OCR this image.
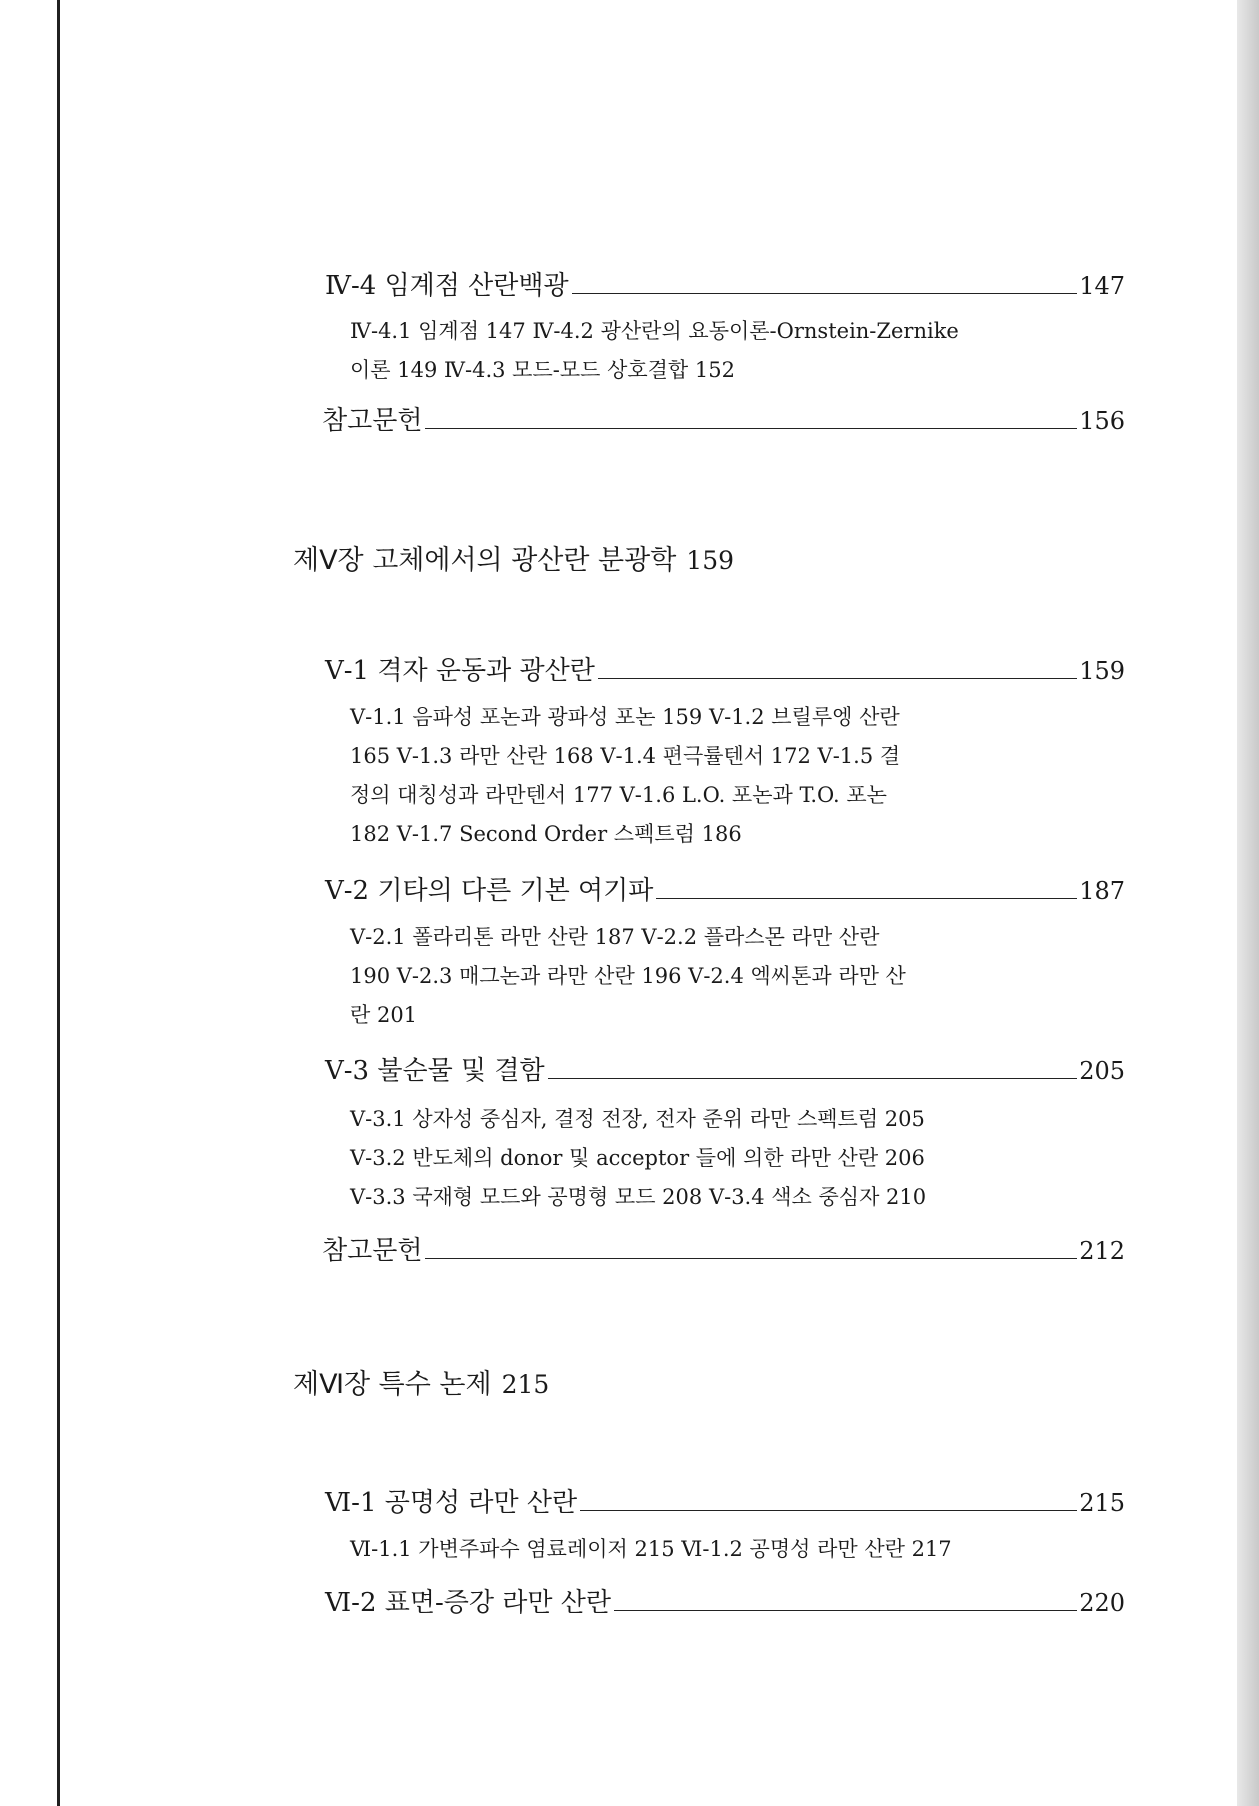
Ⅳ-4 임계점 산란백광	147
Ⅳ-4.1 임계점 147 Ⅳ-4.2 광산란의 요동이론-Ornstein-Zernike
이론 149 Ⅳ-4.3 모드-모드 상호결합 152
참고문헌	156
제Ⅴ장 고체에서의 광산란 분광학 159
Ⅴ-1 격자 운동과 광산란	159
Ⅴ-1.1 음파성 포논과 광파성 포논 159 Ⅴ-1.2 브릴루엥 산란
165 Ⅴ-1.3 라만 산란 168 Ⅴ-1.4 편극률텐서 172 Ⅴ-1.5 결
정의 대칭성과 라만텐서 177 Ⅴ-1.6 L.O. 포논과 T.O. 포논
182 Ⅴ-1.7 Second Order 스펙트럼 186
Ⅴ-2 기타의 다른 기본 여기파	187
Ⅴ-2.1 폴라리톤 라만 산란 187 Ⅴ-2.2 플라스몬 라만 산란
190 Ⅴ-2.3 매그논과 라만 산란 196 Ⅴ-2.4 엑씨톤과 라만 산
란 201
Ⅴ-3 불순물 및 결함	205
Ⅴ-3.1 상자성 중심자, 결정 전장, 전자 준위 라만 스펙트럼 205
Ⅴ-3.2 반도체의 donor 및 acceptor 들에 의한 라만 산란 206
Ⅴ-3.3 국재형 모드와 공명형 모드 208 Ⅴ-3.4 색소 중심자 210
참고문헌	212
제Ⅵ장 특수 논제 215
Ⅵ-1 공명성 라만 산란	215
Ⅵ-1.1 가변주파수 염료레이저 215 Ⅵ-1.2 공명성 라만 산란 217
Ⅵ-2 표면-증강 라만 산란	220
